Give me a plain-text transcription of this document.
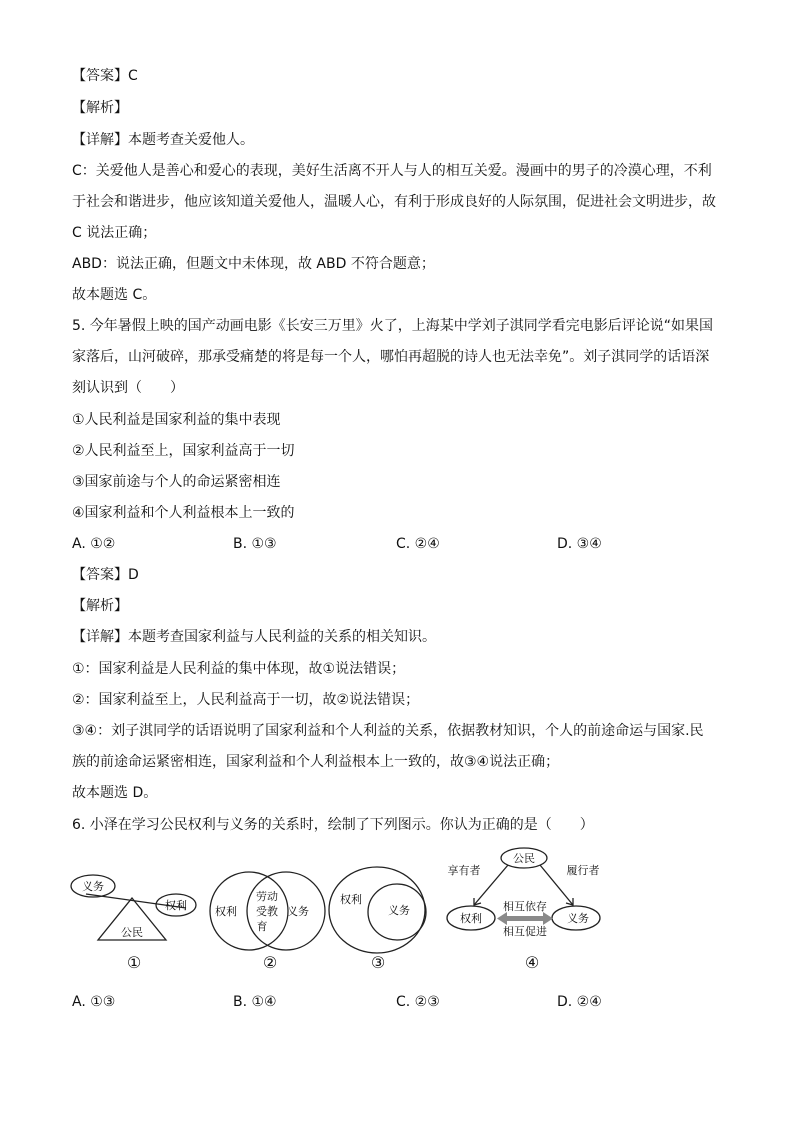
【答案】C
【解析】
【详解】本题考查关爱他人。
C：关爱他人是善心和爱心的表现，美好生活离不开人与人的相互关爱。漫画中的男子的冷漠心理，不利
于社会和谐进步，他应该知道关爱他人，温暖人心，有利于形成良好的人际氛围，促进社会文明进步，故
C 说法正确；
ABD：说法正确，但题文中未体现，故 ABD 不符合题意；
故本题选 C。
5. 今年暑假上映的国产动画电影《长安三万里》火了，上海某中学刘子淇同学看完电影后评论说“如果国
家落后，山河破碎，那承受痛楚的将是每一个人，哪怕再超脱的诗人也无法幸免”。刘子淇同学的话语深
刻认识到（　　）
①人民利益是国家利益的集中表现
②人民利益至上，国家利益高于一切
③国家前途与个人的命运紧密相连
④国家利益和个人利益根本上一致的
A. ①②	B. ①③	C. ②④	D. ③④
【答案】D
【解析】
【详解】本题考查国家利益与人民利益的关系的相关知识。
①：国家利益是人民利益的集中体现，故①说法错误；
②：国家利益至上，人民利益高于一切，故②说法错误；
③④：刘子淇同学的话语说明了国家利益和个人利益的关系，依据教材知识，个人的前途命运与国家.民
族的前途命运紧密相连，国家利益和个人利益根本上一致的，故③④说法正确；
故本题选 D。
6. 小泽在学习公民权利与义务的关系时，绘制了下列图示。你认为正确的是（　　）
义务
权利
公民
权利
劳动
受教
育
义务
权利
义务
公民
享有者	履行者
权利	义务
相互依存
相互促进
①	②	③	④
A. ①③	B. ①④	C. ②③	D. ②④
